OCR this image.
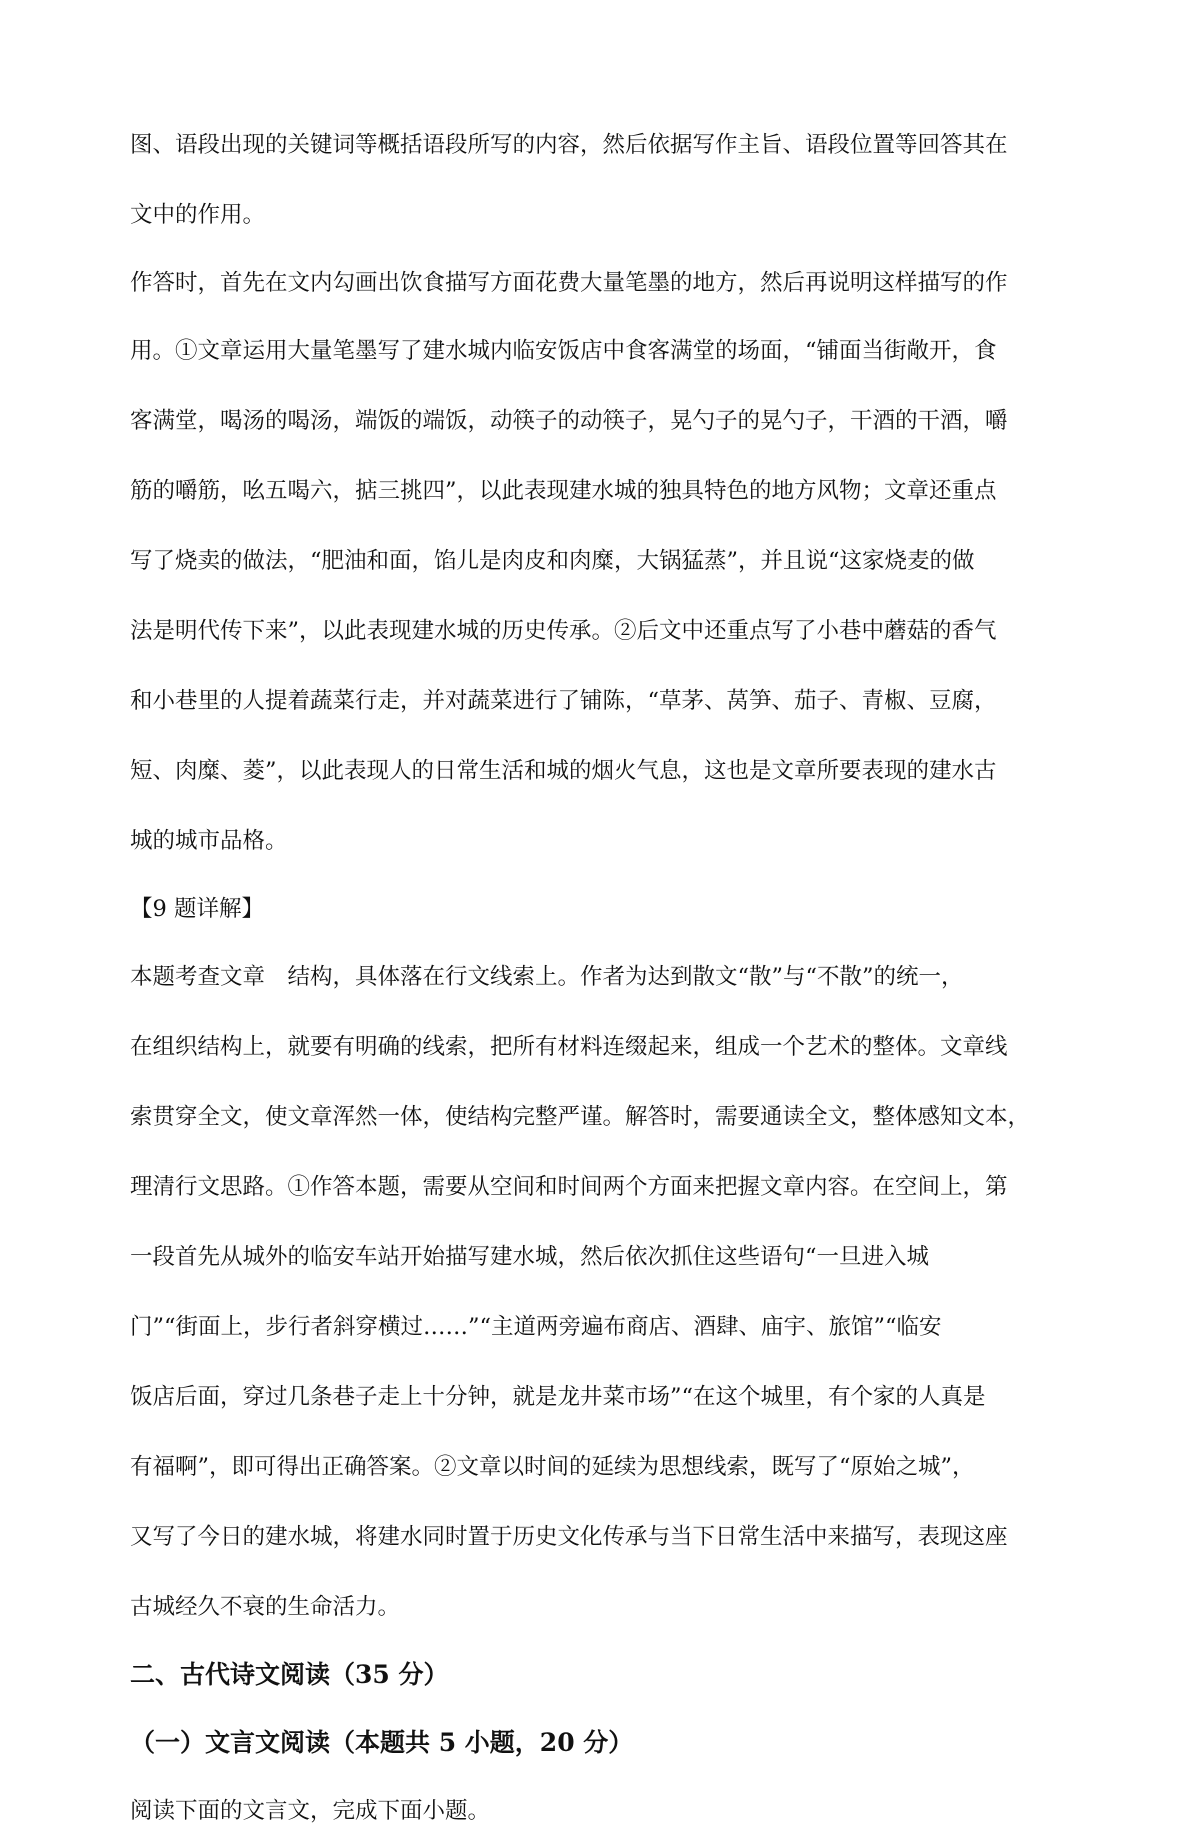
图、语段出现的关键词等概括语段所写的内容，然后依据写作主旨、语段位置等回答其在

文中的作用。

作答时，首先在文内勾画出饮食描写方面花费大量笔墨的地方，然后再说明这样描写的作

用。①文章运用大量笔墨写了建水城内临安饭店中食客满堂的场面，“铺面当街敞开，食

客满堂，喝汤的喝汤，端饭的端饭，动筷子的动筷子，晃勺子的晃勺子，干酒的干酒，嚼

筋的嚼筋，吆五喝六，掂三挑四”，以此表现建水城的独具特色的地方风物；文章还重点

写了烧卖的做法，“肥油和面，馅儿是肉皮和肉糜，大锅猛蒸”，并且说“这家烧麦的做

法是明代传下来”，以此表现建水城的历史传承。②后文中还重点写了小巷中蘑菇的香气

和小巷里的人提着蔬菜行走，并对蔬菜进行了铺陈，“草茅、莴笋、茄子、青椒、豆腐，

短、肉糜、菱”，以此表现人的日常生活和城的烟火气息，这也是文章所要表现的建水古

城的城市品格。

【9 题详解】

本题考查文章　结构，具体落在行文线索上。作者为达到散文“散”与“不散”的统一，

在组织结构上，就要有明确的线索，把所有材料连缀起来，组成一个艺术的整体。文章线

索贯穿全文，使文章浑然一体，使结构完整严谨。解答时，需要通读全文，整体感知文本，

理清行文思路。①作答本题，需要从空间和时间两个方面来把握文章内容。在空间上，第

一段首先从城外的临安车站开始描写建水城，然后依次抓住这些语句“一旦进入城

门”“街面上，步行者斜穿横过……”“主道两旁遍布商店、酒肆、庙宇、旅馆”“临安

饭店后面，穿过几条巷子走上十分钟，就是龙井菜市场”“在这个城里，有个家的人真是

有福啊”，即可得出正确答案。②文章以时间的延续为思想线索，既写了“原始之城”，

又写了今日的建水城，将建水同时置于历史文化传承与当下日常生活中来描写，表现这座

古城经久不衰的生命活力。

二、古代诗文阅读（35 分）

（一）文言文阅读（本题共 5 小题，20 分）

阅读下面的文言文，完成下面小题。
